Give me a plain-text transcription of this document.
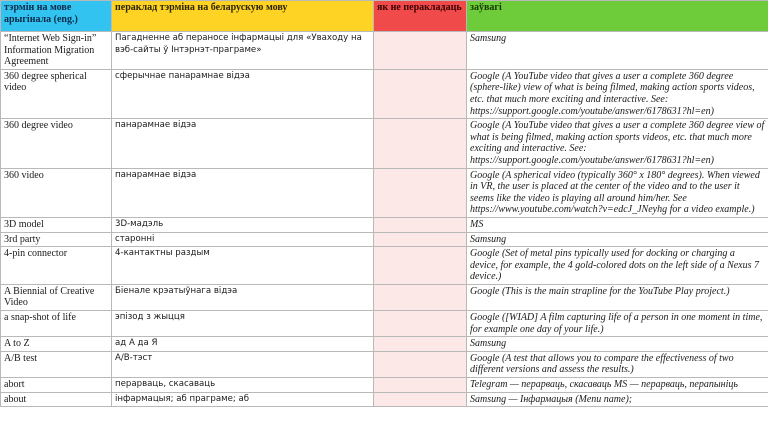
тэрмін на мове арыгінала (eng.)	пераклад тэрміна на беларускую мову	як не перакладаць	заўвагі
“Internet Web Sign-in” Information Migration Agreement	Пагадненне аб пераносе інфармацыі для «Уваходу на вэб-сайты ў Інтэрнэт-праграме»		Samsung
360 degree spherical video	сферычнае панарамнае відэа		Google (A YouTube video that gives a user a complete 360 degree (sphere-like) view of what is being filmed, making action sports videos, etc. that much more exciting and interactive. See: https://support.google.com/youtube/answer/6178631?hl=en)
360 degree video	панарамнае відэа		Google (A YouTube video that gives a user a complete 360 degree view of what is being filmed, making action sports videos, etc. that much more exciting and interactive. See: https://support.google.com/youtube/answer/6178631?hl=en)
360 video	панарамнае відэа		Google (A spherical video (typically 360° x 180° degrees). When viewed in VR, the user is placed at the center of the video and to the user it seems like the video is playing all around him/her. See https://www.youtube.com/watch?v=edcJ_JNeyhg for a video example.)
3D model	3D-мадэль		MS
3rd party	староннi		Samsung
4-pin connector	4-кантактны раздым		Google (Set of metal pins typically used for docking or charging a device, for example, the 4 gold-colored dots on the left side of a Nexus 7 device.)
A Biennial of Creative Video	Біенале крэатыўнага відэа		Google (This is the main strapline for the YouTube Play project.)
a snap-shot of life	эпізод з жыцця		Google ([WIAD] A film capturing life of a person in one moment in time, for example one day of your life.)
A to Z	ад А да Я		Samsung
A/B test	A/B-тэст		Google (A test that allows you to compare the effectiveness of two different versions and assess the results.)
abort	перарваць, скасаваць		Telegram — перарваць, скасаваць MS — перарваць, перапыніць
about	інфармацыя; аб праграме; аб		Samsung — Інфармацыя (Menu name);
